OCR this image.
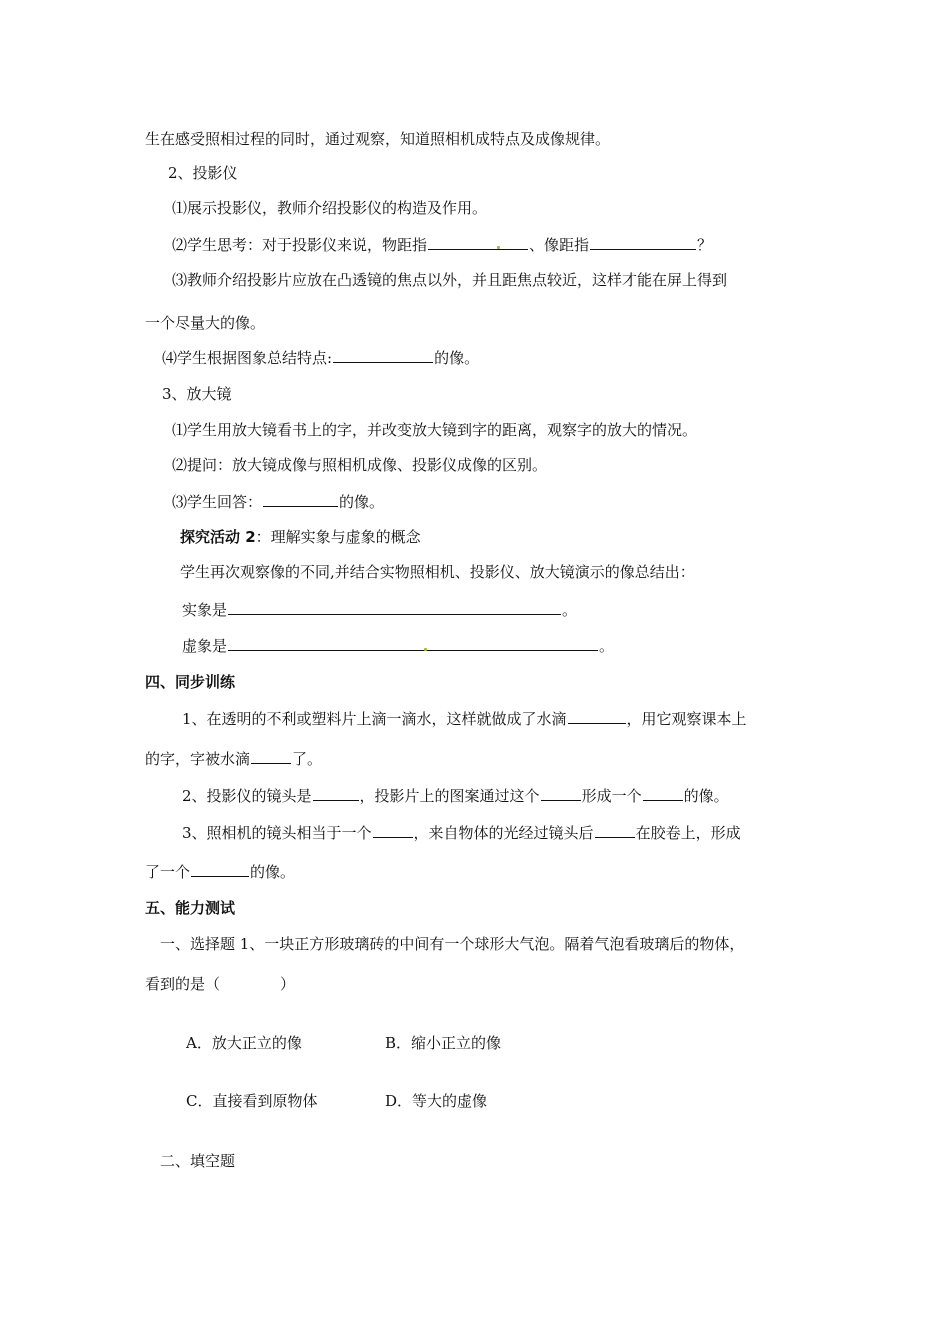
生在感受照相过程的同时，通过观察，知道照相机成特点及成像规律。
2、投影仪
⑴展示投影仪，教师介绍投影仪的构造及作用。
⑵学生思考：对于投影仪来说，物距指	、像距指	？
⑶教师介绍投影片应放在凸透镜的焦点以外，并且距焦点较近，这样才能在屏上得到
一个尽量大的像。
⑷学生根据图象总结特点:	的像。
3、放大镜
⑴学生用放大镜看书上的字，并改变放大镜到字的距离，观察字的放大的情况。
⑵提问：放大镜成像与照相机成像、投影仪成像的区别。
⑶学生回答：	的像。
探究活动 2：理解实象与虚象的概念
学生再次观察像的不同,并结合实物照相机、投影仪、放大镜演示的像总结出：
实象是	。
虚象是	。
四、同步训练
1、在透明的不利或塑料片上滴一滴水，这样就做成了水滴	，用它观察课本上
的字，字被水滴	了。
2、投影仪的镜头是	，投影片上的图案通过这个	形成一个	的像。
3、照相机的镜头相当于一个	，来自物体的光经过镜头后	在胶卷上，形成
了一个	的像。
五、能力测试
一、选择题 1、一块正方形玻璃砖的中间有一个球形大气泡。隔着气泡看玻璃后的物体，
看到的是（　　　　）
A．放大正立的像	B．缩小正立的像
C．直接看到原物体	D．等大的虚像
二、填空题
